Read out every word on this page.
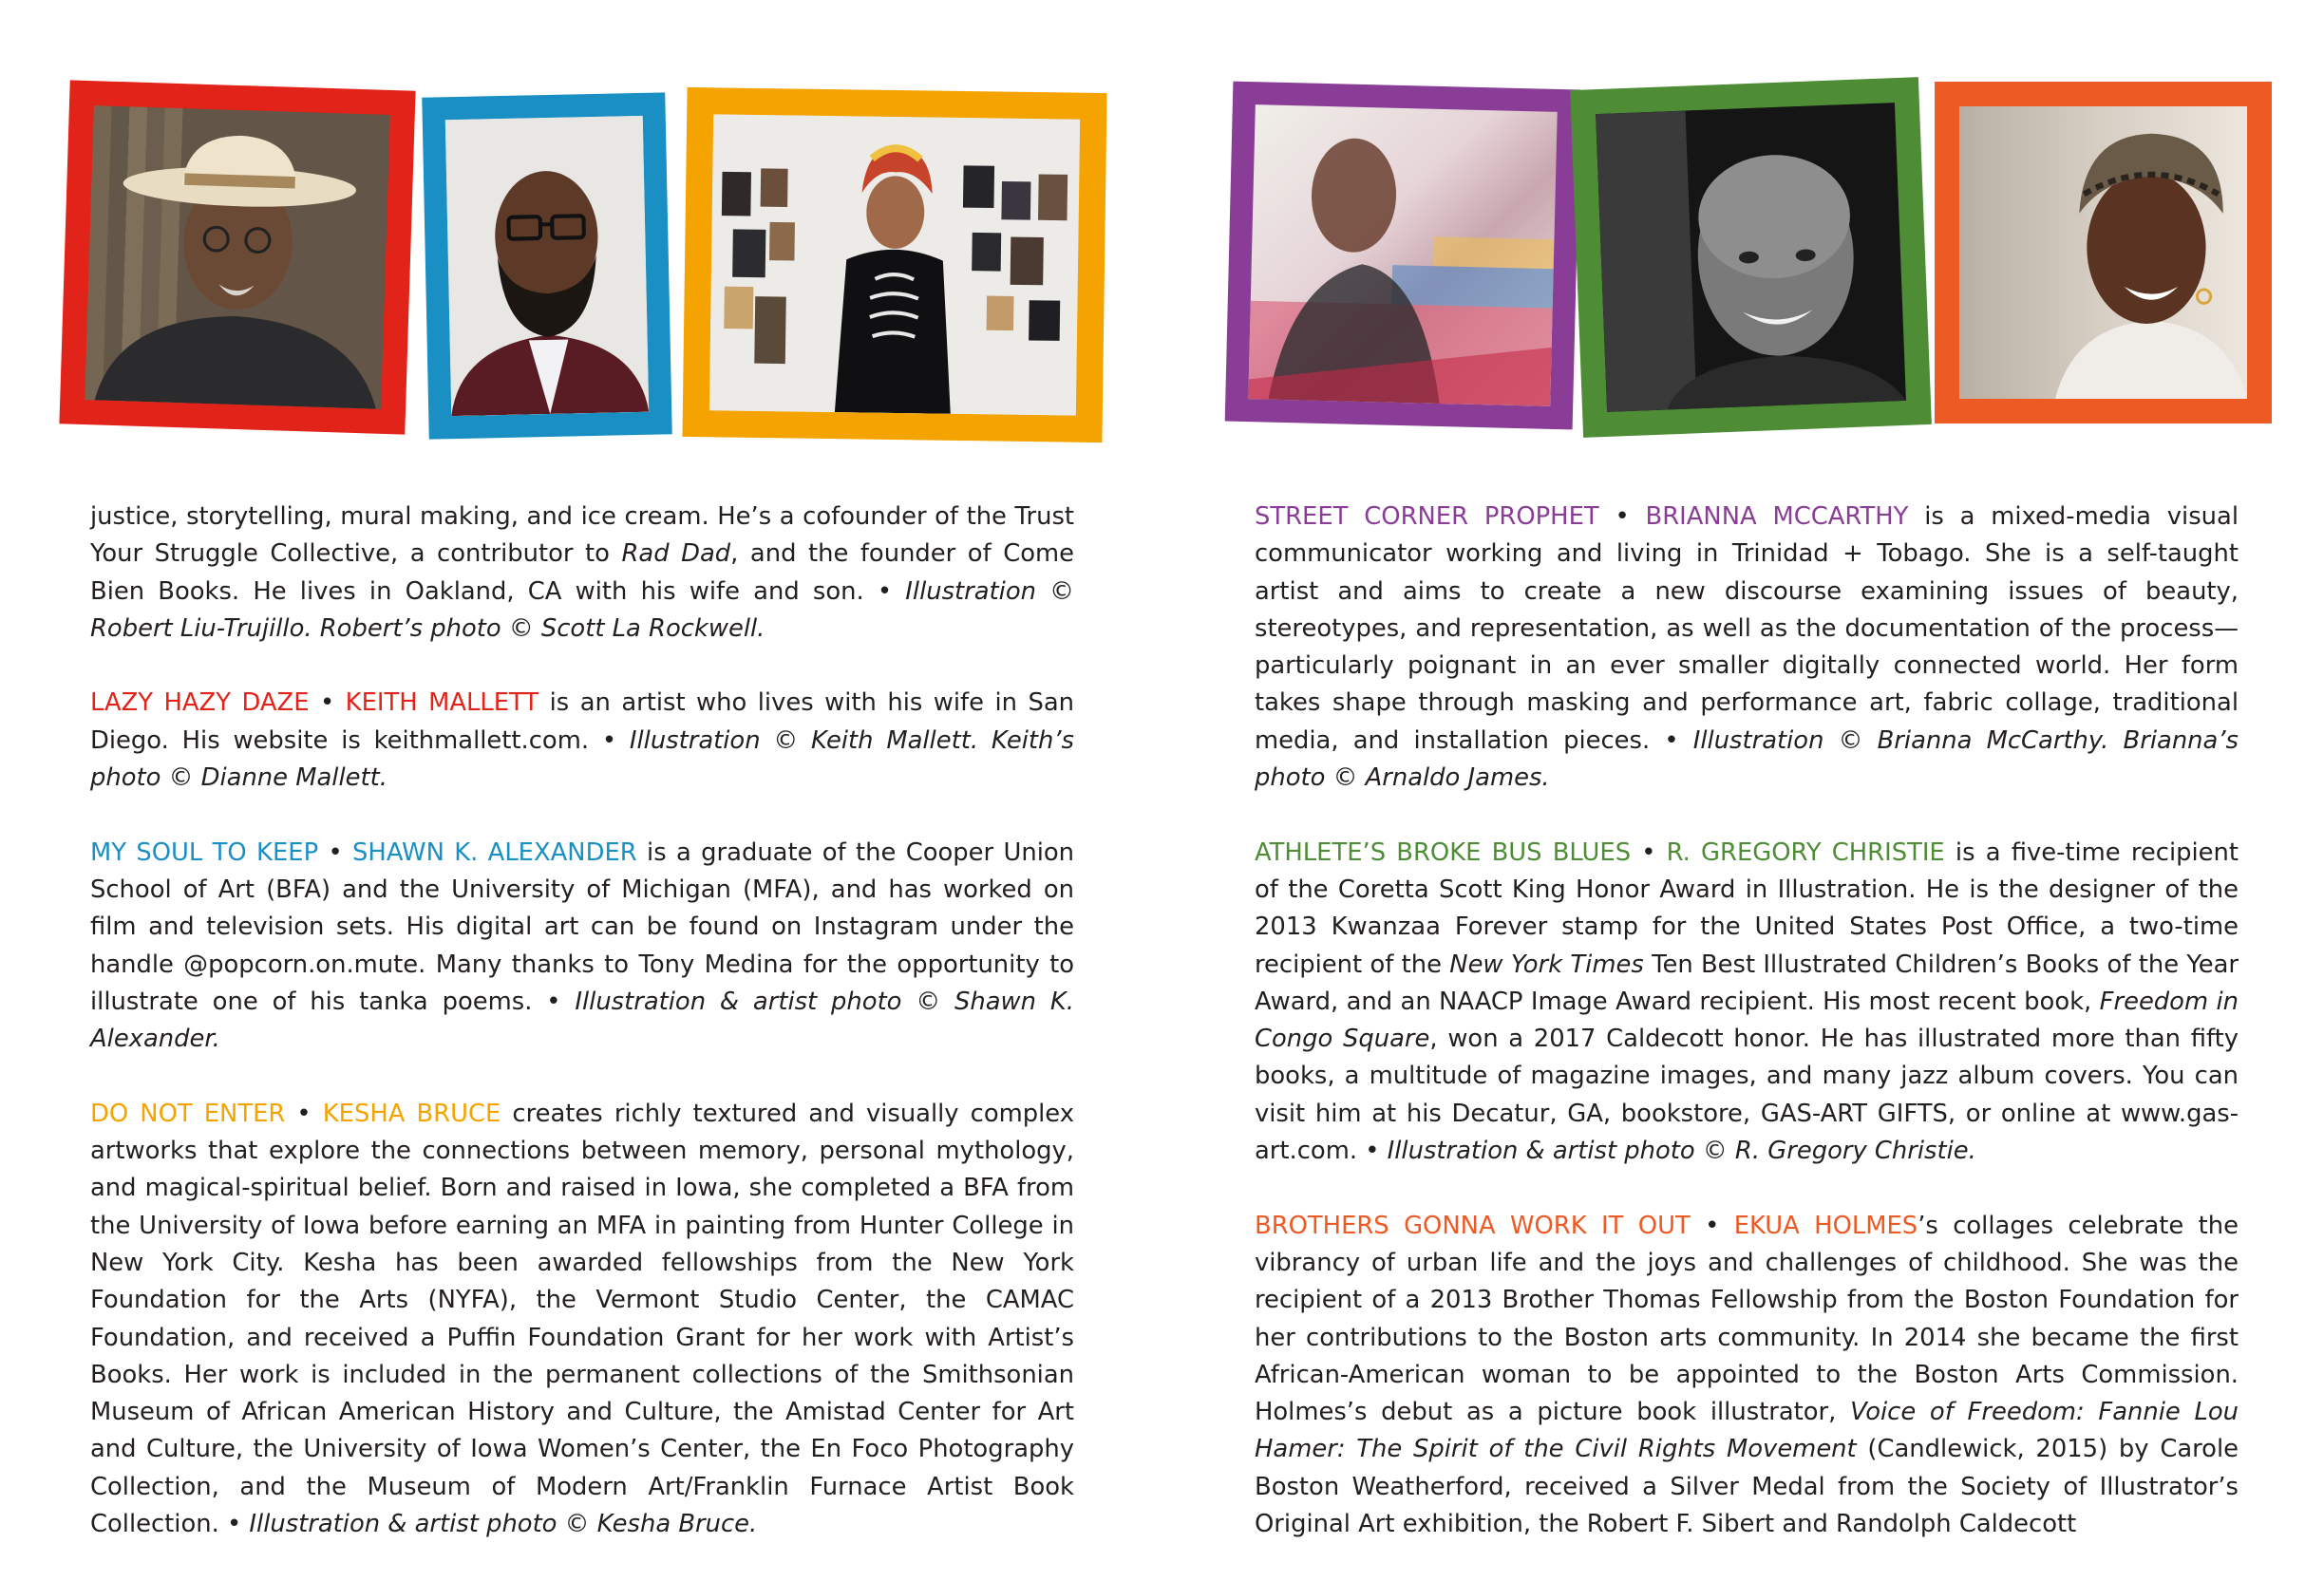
justice, storytelling, mural making, and ice cream. He’s a cofounder of the Trust Your Struggle Collective, a contributor to Rad Dad, and the founder of Come Bien Books. He lives in Oakland, CA with his wife and son. • Illustration © Robert Liu-Trujillo. Robert’s photo © Scott La Rockwell.

LAZY HAZY DAZE • KEITH MALLETT is an artist who lives with his wife in San Diego. His website is keithmallett.com. • Illustration © Keith Mallett. Keith’s photo © Dianne Mallett.

MY SOUL TO KEEP • SHAWN K. ALEXANDER is a graduate of the Cooper Union School of Art (BFA) and the University of Michigan (MFA), and has worked on film and television sets. His digital art can be found on Instagram under the handle @popcorn.on.mute. Many thanks to Tony Medina for the opportunity to illustrate one of his tanka poems. • Illustration & artist photo © Shawn K. Alexander.

DO NOT ENTER • KESHA BRUCE creates richly textured and visually complex artworks that explore the connections between memory, personal mythology, and magical-spiritual belief. Born and raised in Iowa, she completed a BFA from the University of Iowa before earning an MFA in painting from Hunter College in New York City. Kesha has been awarded fellowships from the New York Foundation for the Arts (NYFA), the Vermont Studio Center, the CAMAC Foundation, and received a Puffin Foundation Grant for her work with Artist’s Books. Her work is included in the permanent collections of the Smithsonian Museum of African American History and Culture, the Amistad Center for Art and Culture, the University of Iowa Women’s Center, the En Foco Photography Collection, and the Museum of Modern Art/Franklin Furnace Artist Book Collection. • Illustration & artist photo © Kesha Bruce.

STREET CORNER PROPHET • BRIANNA MCCARTHY is a mixed-media visual communicator working and living in Trinidad + Tobago. She is a self-taught artist and aims to create a new discourse examining issues of beauty, stereotypes, and representation, as well as the documentation of the process—particularly poignant in an ever smaller digitally connected world. Her form takes shape through masking and performance art, fabric collage, traditional media, and installation pieces. • Illustration © Brianna McCarthy. Brianna’s photo © Arnaldo James.

ATHLETE’S BROKE BUS BLUES • R. GREGORY CHRISTIE is a five-time recipient of the Coretta Scott King Honor Award in Illustration. He is the designer of the 2013 Kwanzaa Forever stamp for the United States Post Office, a two-time recipient of the New York Times Ten Best Illustrated Children’s Books of the Year Award, and an NAACP Image Award recipient. His most recent book, Freedom in Congo Square, won a 2017 Caldecott honor. He has illustrated more than fifty books, a multitude of magazine images, and many jazz album covers. You can visit him at his Decatur, GA, bookstore, GAS-ART GIFTS, or online at www.gas-art.com. • Illustration & artist photo © R. Gregory Christie.

BROTHERS GONNA WORK IT OUT • EKUA HOLMES’s collages celebrate the vibrancy of urban life and the joys and challenges of childhood. She was the recipient of a 2013 Brother Thomas Fellowship from the Boston Foundation for her contributions to the Boston arts community. In 2014 she became the first African-American woman to be appointed to the Boston Arts Commission. Holmes’s debut as a picture book illustrator, Voice of Freedom: Fannie Lou Hamer: The Spirit of the Civil Rights Movement (Candlewick, 2015) by Carole Boston Weatherford, received a Silver Medal from the Society of Illustrator’s Original Art exhibition, the Robert F. Sibert and Randolph Caldecott
